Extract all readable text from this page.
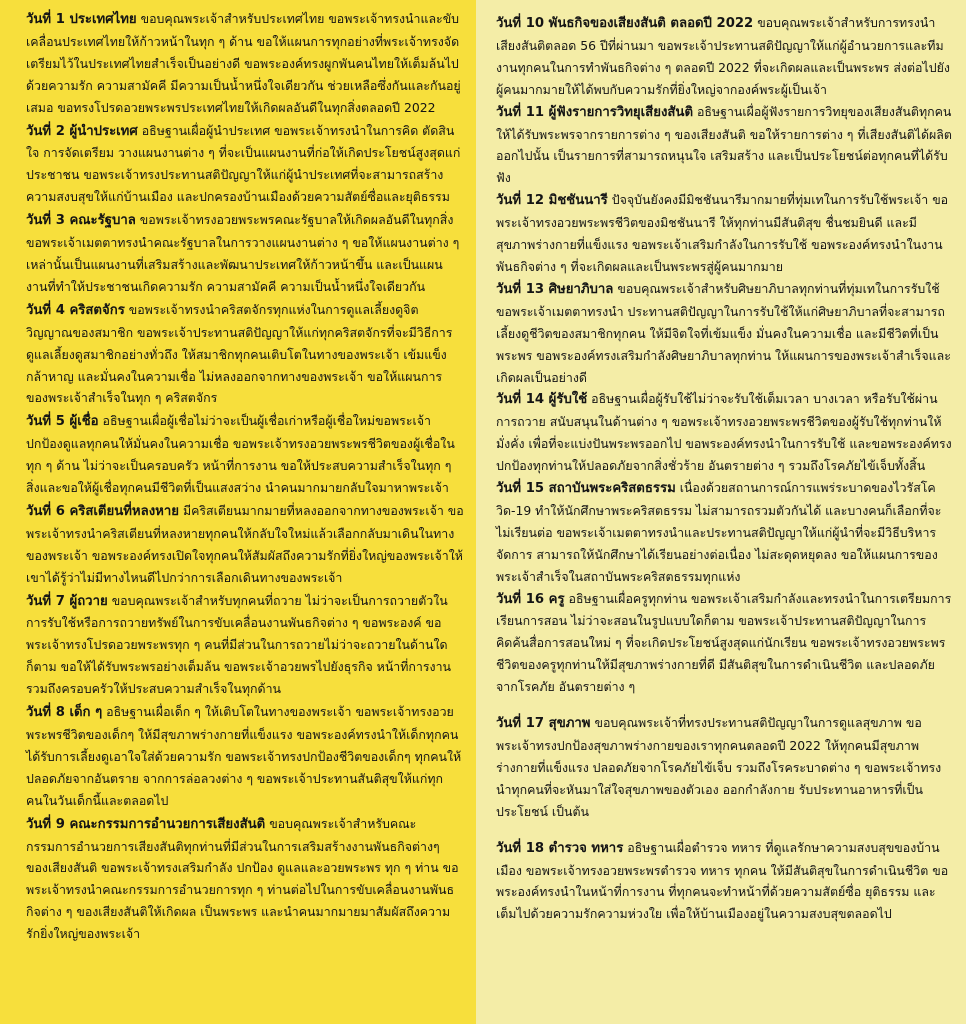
วันที่ 1 ประเทศไทย ขอบคุณพระเจ้าสำหรับประเทศไทย ขอพระเจ้าทรงนำและขับเคลื่อนประเทศไทยให้ก้าวหน้าในทุก ๆ ด้าน ขอให้แผนการทุกอย่างที่พระเจ้าทรงจัดเตรียมไว้ในประเทศไทยสำเร็จเป็นอย่างดี ขอพระองค์ทรงผูกพันคนไทยให้เต็มล้นไปด้วยความรัก ความสามัคคี มีความเป็นน้ำหนึ่งใจเดียวกัน ช่วยเหลือซึ่งกันและกันอยู่เสมอ ขอทรงโปรดอวยพระพรประเทศไทยให้เกิดผลอันดีในทุกสิ่งตลอดปี 2022

วันที่ 2 ผู้นำประเทศ อธิษฐานเผื่อผู้นำประเทศ ขอพระเจ้าทรงนำในการคิด ตัดสินใจ การจัดเตรียม วางแผนงานต่าง ๆ ที่จะเป็นแผนงานที่ก่อให้เกิดประโยชน์สูงสุดแก่ประชาชน ขอพระเจ้าทรงประทานสติปัญญาให้แก่ผู้นำประเทศที่จะสามารถสร้างความสงบสุขให้แก่บ้านเมือง และปกครองบ้านเมืองด้วยความสัตย์ซื่อและยุติธรรม

วันที่ 3 คณะรัฐบาล ขอพระเจ้าทรงอวยพระพรคณะรัฐบาลให้เกิดผลอันดีในทุกสิ่ง ขอพระเจ้าเมตตาทรงนำคณะรัฐบาลในการวางแผนงานต่าง ๆ ขอให้แผนงานต่าง ๆ เหล่านั้นเป็นแผนงานที่เสริมสร้างและพัฒนาประเทศให้ก้าวหน้าขึ้น และเป็นแผนงานที่ทำให้ประชาชนเกิดความรัก ความสามัคคี ความเป็นน้ำหนึ่งใจเดียวกัน

วันที่ 4 คริสตจักร ขอพระเจ้าทรงนำคริสตจักรทุกแห่งในการดูแลเลี้ยงดูจิตวิญญาณของสมาชิก ขอพระเจ้าประทานสติปัญญาให้แก่ทุกคริสตจักรที่จะมีวิธีการดูแลเลี้ยงดูสมาชิกอย่างทั่วถึง ให้สมาชิกทุกคนเติบโตในทางของพระเจ้า เข้มแข็ง กล้าหาญ และมั่นคงในความเชื่อ ไม่หลงออกจากทางของพระเจ้า ขอให้แผนการของพระเจ้าสำเร็จในทุก ๆ คริสตจักร

วันที่ 5 ผู้เชื่อ อธิษฐานเผื่อผู้เชื่อไม่ว่าจะเป็นผู้เชื่อเก่าหรือผู้เชื่อใหม่ขอพระเจ้าปกป้องดูแลทุกคนให้มั่นคงในความเชื่อ ขอพระเจ้าทรงอวยพระพรชีวิตของผู้เชื่อในทุก ๆ ด้าน ไม่ว่าจะเป็นครอบครัว หน้าที่การงาน ขอให้ประสบความสำเร็จในทุก ๆ สิ่งและขอให้ผู้เชื่อทุกคนมีชีวิตที่เป็นแสงสว่าง นำคนมากมายกลับใจมาหาพระเจ้า

วันที่ 6 คริสเตียนที่หลงหาย มีคริสเตียนมากมายที่หลงออกจากทางของพระเจ้า ขอพระเจ้าทรงนำคริสเตียนที่หลงหายทุกคนให้กลับใจใหม่แล้วเลือกกลับมาเดินในทางของพระเจ้า ขอพระองค์ทรงเปิดใจทุกคนให้สัมผัสถึงความรักที่ยิ่งใหญ่ของพระเจ้าให้เขาได้รู้ว่าไม่มีทางไหนดีไปกว่าการเลือกเดินทางของพระเจ้า

วันที่ 7 ผู้ถวาย ขอบคุณพระเจ้าสำหรับทุกคนที่ถวาย ไม่ว่าจะเป็นการถวายตัวในการรับใช้หรือการถวายทรัพย์ในการขับเคลื่อนงานพันธกิจต่าง ๆ ขอพระองค์ ขอพระเจ้าทรงโปรดอวยพระพรทุก ๆ คนที่มีส่วนในการถวายไม่ว่าจะถวายในด้านใดก็ตาม ขอให้ได้รับพระพรอย่างเต็มล้น ขอพระเจ้าอวยพรไปยังธุรกิจ หน้าที่การงาน รวมถึงครอบครัวให้ประสบความสำเร็จในทุกด้าน

วันที่ 8 เด็ก ๆ อธิษฐานเผื่อเด็ก ๆ ให้เติบโตในทางของพระเจ้า ขอพระเจ้าทรงอวยพระพรชีวิตของเด็กๆ ให้มีสุขภาพร่างกายที่แข็งแรง ขอพระองค์ทรงนำให้เด็กทุกคนได้รับการเลี้ยงดูเอาใจใส่ด้วยความรัก ขอพระเจ้าทรงปกป้องชีวิตของเด็กๆ ทุกคนให้ปลอดภัยจากอันตราย จากการล่อลวงต่าง ๆ ขอพระเจ้าประทานสันติสุขให้แก่ทุกคนในวันเด็กนี้และตลอดไป

วันที่ 9 คณะกรรมการอำนวยการเสียงสันติ ขอบคุณพระเจ้าสำหรับคณะกรรมการอำนวยการเสียงสันติทุกท่านที่มีส่วนในการเสริมสร้างงานพันธกิจต่างๆ ของเสียงสันติ ขอพระเจ้าทรงเสริมกำลัง ปกป้อง ดูแลและอวยพระพร ทุก ๆ ท่าน ขอพระเจ้าทรงนำคณะกรรมการอำนวยการทุก ๆ ท่านต่อไปในการขับเคลื่อนงานพันธกิจต่าง ๆ ของเสียงสันติให้เกิดผล เป็นพระพร และนำคนมากมายมาสัมผัสถึงความรักยิ่งใหญ่ของพระเจ้า

วันที่ 10 พันธกิจของเสียงสันติ ตลอดปี 2022 ขอบคุณพระเจ้าสำหรับการทรงนำเสียงสันติตลอด 56 ปีที่ผ่านมา ขอพระเจ้าประทานสติปัญญาให้แก่ผู้อำนวยการและทีมงานทุกคนในการทำพันธกิจต่าง ๆ ตลอดปี 2022 ที่จะเกิดผลและเป็นพระพร ส่งต่อไปยังผู้คนมากมายให้ได้พบกับความรักที่ยิ่งใหญ่จากองค์พระผู้เป็นเจ้า

วันที่ 11 ผู้ฟังรายการวิทยุเสียงสันติ อธิษฐานเผื่อผู้ฟังรายการวิทยุของเสียงสันติทุกคน ให้ได้รับพระพรจากรายการต่าง ๆ ของเสียงสันติ ขอให้รายการต่าง ๆ ที่เสียงสันติได้ผลิตออกไปนั้น เป็นรายการที่สามารถหนุนใจ เสริมสร้าง และเป็นประโยชน์ต่อทุกคนที่ได้รับฟัง

วันที่ 12 มิชชันนารี ปัจจุบันยังคงมีมิชชันนารีมากมายที่ทุ่มเทในการรับใช้พระเจ้า ขอพระเจ้าทรงอวยพระพรชีวิตของมิชชันนารี ให้ทุกท่านมีสันติสุข ชื่นชมยินดี และมีสุขภาพร่างกายที่แข็งแรง ขอพระเจ้าเสริมกำลังในการรับใช้ ขอพระองค์ทรงนำในงานพันธกิจต่าง ๆ ที่จะเกิดผลและเป็นพระพรสู่ผู้คนมากมาย

วันที่ 13 ศิษยาภิบาล ขอบคุณพระเจ้าสำหรับศิษยาภิบาลทุกท่านที่ทุ่มเทในการรับใช้ ขอพระเจ้าเมตตาทรงนำ ประทานสติปัญญาในการรับใช้ให้แก่ศิษยาภิบาลที่จะสามารถเลี้ยงดูชีวิตของสมาชิกทุกคน ให้มีจิตใจที่เข้มแข็ง มั่นคงในความเชื่อ และมีชีวิตที่เป็นพระพร ขอพระองค์ทรงเสริมกำลังศิษยาภิบาลทุกท่าน ให้แผนการของพระเจ้าสำเร็จและเกิดผลเป็นอย่างดี

วันที่ 14 ผู้รับใช้ อธิษฐานเผื่อผู้รับใช้ไม่ว่าจะรับใช้เต็มเวลา บางเวลา หรือรับใช้ผ่านการถวาย สนับสนุนในด้านต่าง ๆ ขอพระเจ้าทรงอวยพระพรชีวิตของผู้รับใช้ทุกท่านให้มั่งคั่ง เพื่อที่จะแบ่งปันพระพรออกไป ขอพระองค์ทรงนำในการรับใช้ และขอพระองค์ทรงปกป้องทุกท่านให้ปลอดภัยจากสิ่งชั่วร้าย อันตรายต่าง ๆ รวมถึงโรคภัยไข้เจ็บทั้งสิ้น

วันที่ 15 สถาบันพระคริสตธรรม เนื่องด้วยสถานการณ์การแพร่ระบาดของไวรัสโควิด-19 ทำให้นักศึกษาพระคริสตธรรม ไม่สามารถรวมตัวกันได้ และบางคนก็เลือกที่จะไม่เรียนต่อ ขอพระเจ้าเมตตาทรงนำและประทานสติปัญญาให้แก่ผู้นำที่จะมีวิธีบริหารจัดการ สามารถให้นักศึกษาได้เรียนอย่างต่อเนื่อง ไม่สะดุดหยุดลง ขอให้แผนการของพระเจ้าสำเร็จในสถาบันพระคริสตธรรมทุกแห่ง

วันที่ 16 ครู อธิษฐานเผื่อครูทุกท่าน ขอพระเจ้าเสริมกำลังและทรงนำในการเตรียมการเรียนการสอน ไม่ว่าจะสอนในรูปแบบใดก็ตาม ขอพระเจ้าประทานสติปัญญาในการคิดค้นสื่อการสอนใหม่ ๆ ที่จะเกิดประโยชน์สูงสุดแก่นักเรียน ขอพระเจ้าทรงอวยพระพรชีวิตของครูทุกท่านให้มีสุขภาพร่างกายที่ดี มีสันติสุขในการดำเนินชีวิต และปลอดภัยจากโรคภัย อันตรายต่าง ๆ

วันที่ 17 สุขภาพ ขอบคุณพระเจ้าที่ทรงประทานสติปัญญาในการดูแลสุขภาพ ขอพระเจ้าทรงปกป้องสุขภาพร่างกายของเราทุกคนตลอดปี 2022 ให้ทุกคนมีสุขภาพร่างกายที่แข็งแรง ปลอดภัยจากโรคภัยไข้เจ็บ รวมถึงโรคระบาดต่าง ๆ ขอพระเจ้าทรงนำทุกคนที่จะหันมาใส่ใจสุขภาพของตัวเอง ออกกำลังกาย รับประทานอาหารที่เป็นประโยชน์ เป็นต้น

วันที่ 18 ตำรวจ ทหาร อธิษฐานเผื่อตำรวจ ทหาร ที่ดูแลรักษาความสงบสุขของบ้านเมือง ขอพระเจ้าทรงอวยพระพรตำรวจ ทหาร ทุกคน ให้มีสันติสุขในการดำเนินชีวิต ขอพระองค์ทรงนำในหน้าที่การงาน ที่ทุกคนจะทำหน้าที่ด้วยความสัตย์ซื่อ ยุติธรรม และเต็มไปด้วยความรักความห่วงใย เพื่อให้บ้านเมืองอยู่ในความสงบสุขตลอดไป
